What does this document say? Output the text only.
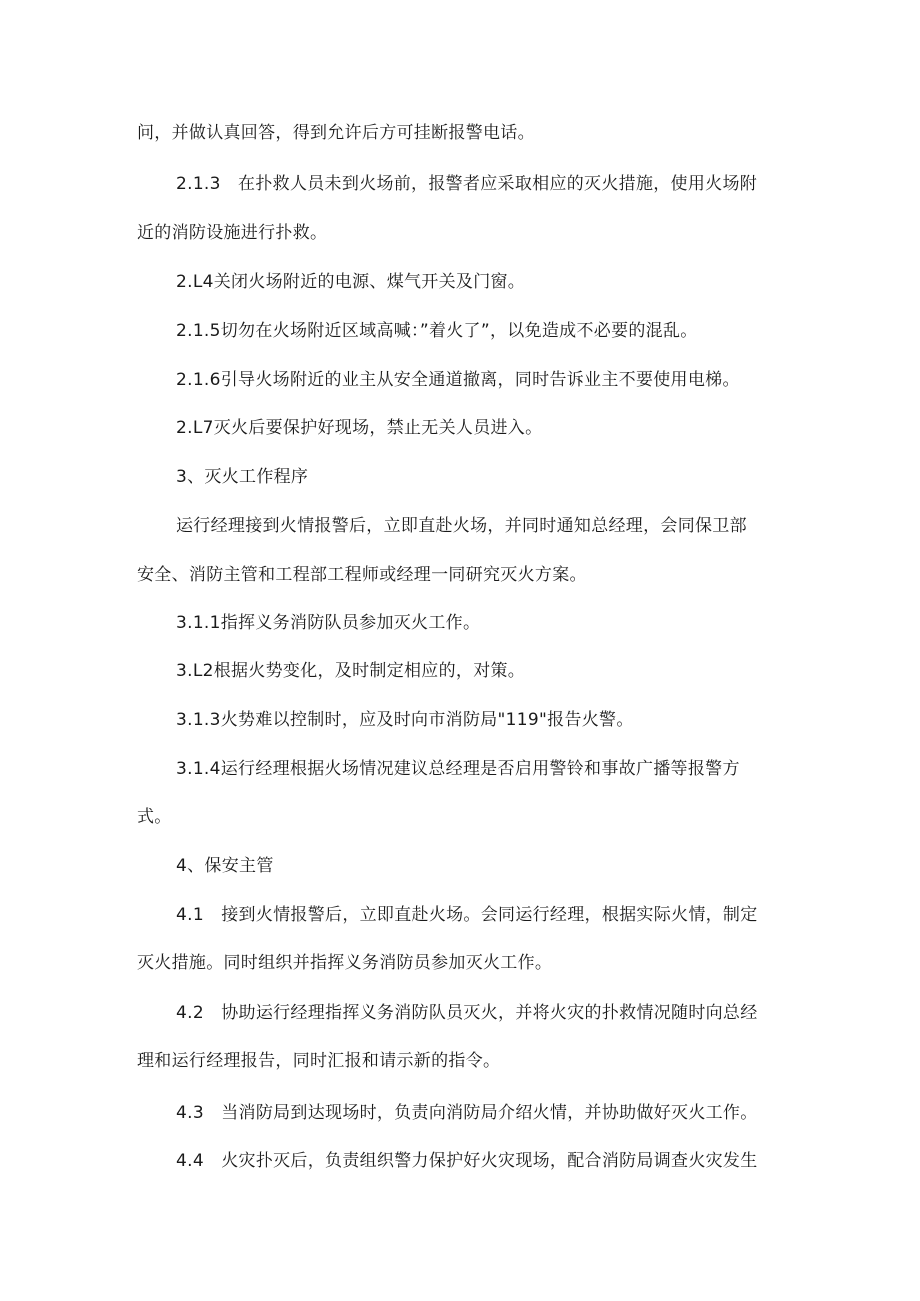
问，并做认真回答，得到允许后方可挂断报警电话。
2.1.3　在扑救人员未到火场前，报警者应采取相应的灭火措施，使用火场附
近的消防设施进行扑救。
2.L4关闭火场附近的电源、煤气开关及门窗。
2.1.5切勿在火场附近区域高喊：”着火了”，以免造成不必要的混乱。
2.1.6引导火场附近的业主从安全通道撤离，同时告诉业主不要使用电梯。
2.L7灭火后要保护好现场，禁止无关人员进入。
3、灭火工作程序
运行经理接到火情报警后，立即直赴火场，并同时通知总经理，会同保卫部
安全、消防主管和工程部工程师或经理一同研究灭火方案。
3.1.1指挥义务消防队员参加灭火工作。
3.L2根据火势变化，及时制定相应的，对策。
3.1.3火势难以控制时，应及时向市消防局"119"报告火警。
3.1.4运行经理根据火场情况建议总经理是否启用警铃和事故广播等报警方
式。
4、保安主管
4.1　接到火情报警后，立即直赴火场。会同运行经理，根据实际火情，制定
灭火措施。同时组织并指挥义务消防员参加灭火工作。
4.2　协助运行经理指挥义务消防队员灭火，并将火灾的扑救情况随时向总经
理和运行经理报告，同时汇报和请示新的指令。
4.3　当消防局到达现场时，负责向消防局介绍火情，并协助做好灭火工作。
4.4　火灾扑灭后，负责组织警力保护好火灾现场，配合消防局调查火灾发生
